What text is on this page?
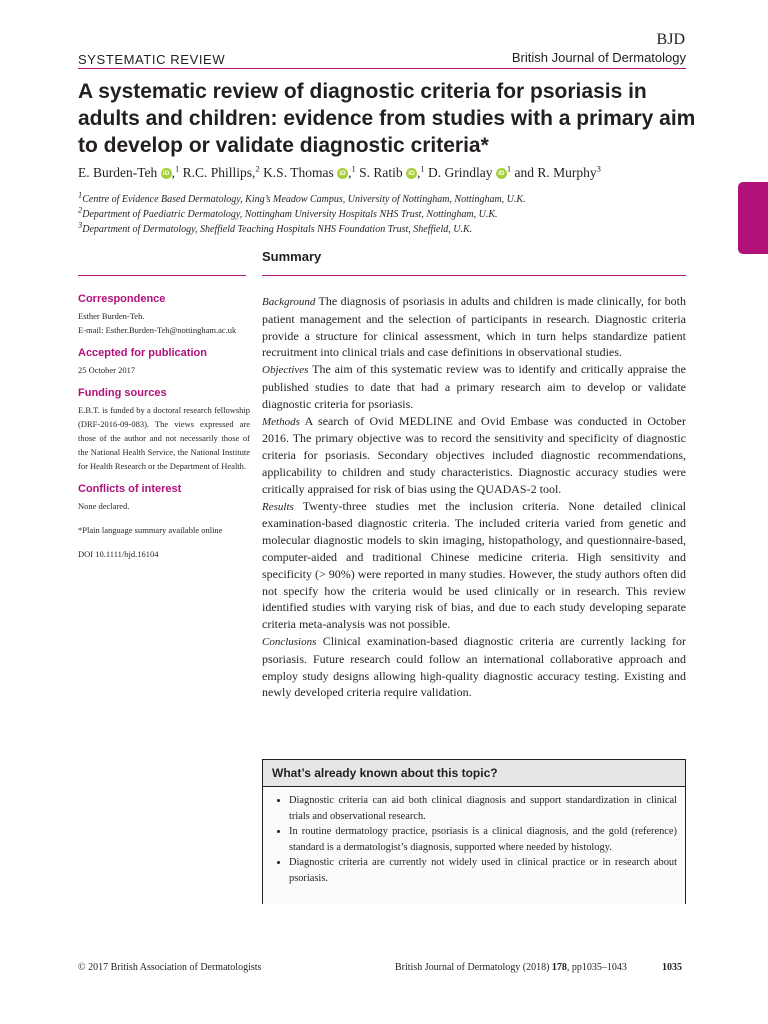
SYSTEMATIC REVIEW
BJD
British Journal of Dermatology
A systematic review of diagnostic criteria for psoriasis in adults and children: evidence from studies with a primary aim to develop or validate diagnostic criteria*
E. Burden-Teh iD ,$^1$ R.C. Phillips,$^2$ K.S. Thomas iD ,$^1$ S. Ratib iD ,$^1$ D. Grindlay $iD^1$ and R. Murphy$^3$
$^1$Centre of Evidence Based Dermatology, King’s Meadow Campus, University of Nottingham, Nottingham, U.K.
$^2$Department of Paediatric Dermatology, Nottingham University Hospitals NHS Trust, Nottingham, U.K.
$^3$Department of Dermatology, Sheffield Teaching Hospitals NHS Foundation Trust, Sheffield, U.K.
Summary

Correspondence

Esther Burden-Teh.

E-mail: Esther.Burden-Teh@nottingham.ac.uk

Accepted for publication

25 October 2017

Funding sources

E.B.T. is funded by a doctoral research fellowship (DRF-2016-09-083). The views expressed are those of the author and not necessarily those of the National Health Service, the National Institute for Health Research or the Department of Health.

Conflicts of interest

None declared.

*Plain language summary available online

DOI 10.1111/bjd.16104

Background The diagnosis of psoriasis in adults and children is made clinically, for both patient management and the selection of participants in research. Diagnostic criteria provide a structure for clinical assessment, which in turn helps standardize patient recruitment into clinical trials and case definitions in observational studies.

Objectives The aim of this systematic review was to identify and critically appraise the published studies to date that had a primary research aim to develop or validate diagnostic criteria for psoriasis.

Methods A search of Ovid MEDLINE and Ovid Embase was conducted in October 2016. The primary objective was to record the sensitivity and specificity of diagnostic criteria for psoriasis. Secondary objectives included diagnostic recommendations, applicability to children and study characteristics. Diagnostic accuracy studies were critically appraised for risk of bias using the QUADAS-2 tool.

Results Twenty-three studies met the inclusion criteria. None detailed clinical examination-based diagnostic criteria. The included criteria varied from genetic and molecular diagnostic models to skin imaging, histopathology, and questionnaire-based, computer-aided and traditional Chinese medicine criteria. High sensitivity and specificity (> 90%) were reported in many studies. However, the study authors often did not specify how the criteria would be used clinically or in research. This review identified studies with varying risk of bias, and due to each study developing separate criteria meta-analysis was not possible.

Conclusions Clinical examination-based diagnostic criteria are currently lacking for psoriasis. Future research could follow an international collaborative approach and employ study designs allowing high-quality diagnostic accuracy testing. Existing and newly developed criteria require validation.

What’s already known about this topic?
• Diagnostic criteria can aid both clinical diagnosis and support standardization in clinical trials and observational research.
• In routine dermatology practice, psoriasis is a clinical diagnosis, and the gold (reference) standard is a dermatologist’s diagnosis, supported where needed by histology.
• Diagnostic criteria are currently not widely used in clinical practice or in research about psoriasis.
© 2017 British Association of Dermatologists	British Journal of Dermatology (2018) 178, pp1035–1043	1035
